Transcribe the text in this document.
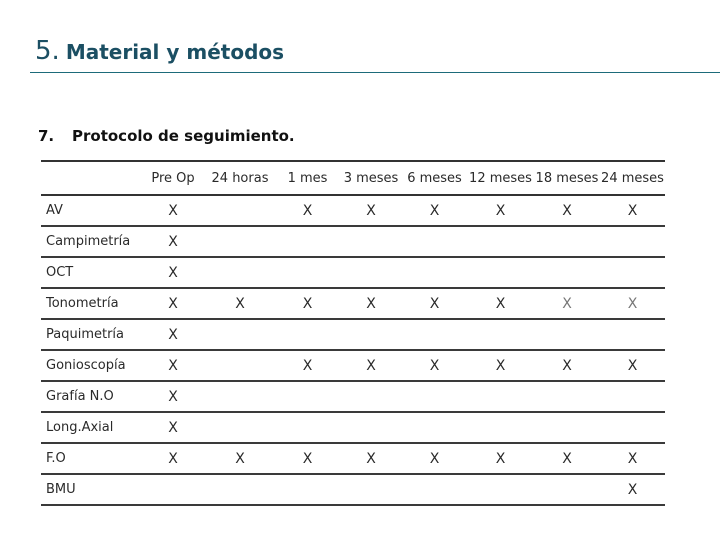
5. Material y métodos
7. Protocolo de seguimiento.
	Pre Op	24 horas	1 mes	3 meses	6 meses	12 meses	18 meses	24 meses
AV	X		X	X	X	X	X	X
Campimetría	X							
OCT	X							
Tonometría	X	X	X	X	X	X	X	X
Paquimetría	X							
Gonioscopía	X		X	X	X	X	X	X
Grafía N.O	X							
Long.Axial	X							
F.O	X	X	X	X	X	X	X	X
BMU								X
